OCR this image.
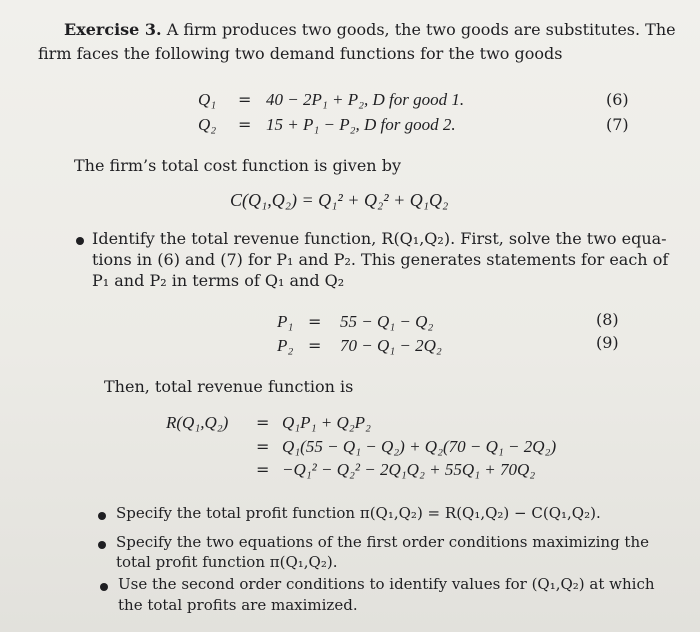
Exercise 3. A firm produces two goods, the two goods are substitutes. The
firm faces the following two demand functions for the two goods
Q₁ = 40 − 2P₁ + P₂, D for good 1.	(6)
Q₂ = 15 + P₁ − P₂, D for good 2.	(7)
The firm’s total cost function is given by
C(Q₁,Q₂) = Q₁² + Q₂² + Q₁Q₂
Identify the total revenue function, R(Q₁,Q₂). First, solve the two equa-
tions in (6) and (7) for P₁ and P₂. This generates statements for each of
P₁ and P₂ in terms of Q₁ and Q₂
P₁ = 55 − Q₁ − Q₂	(8)
P₂ = 70 − Q₁ − 2Q₂	(9)
Then, total revenue function is
R(Q₁,Q₂) = Q₁P₁ + Q₂P₂
= Q₁(55 − Q₁ − Q₂) + Q₂(70 − Q₁ − 2Q₂)
= −Q₁² − Q₂² − 2Q₁Q₂ + 55Q₁ + 70Q₂
Specify the total profit function π(Q₁,Q₂) = R(Q₁,Q₂) − C(Q₁,Q₂).
Specify the two equations of the first order conditions maximizing the
total profit function π(Q₁,Q₂).
Use the second order conditions to identify values for (Q₁,Q₂) at which
the total profits are maximized.
